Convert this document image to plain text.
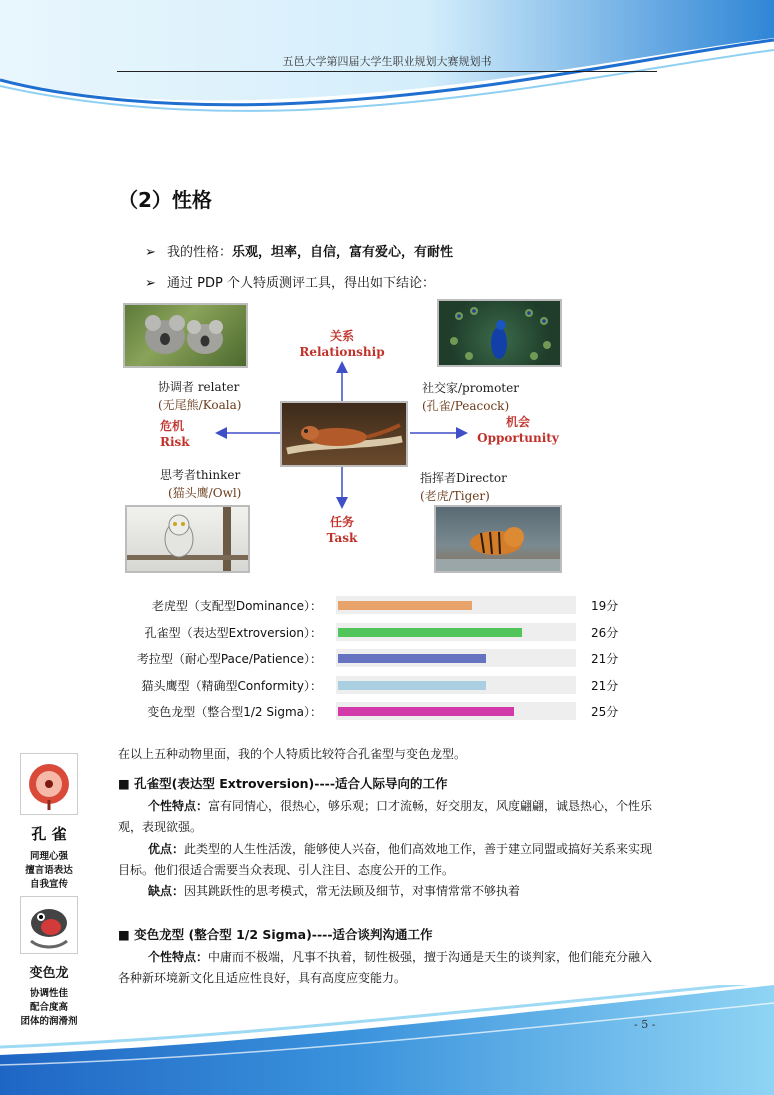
五邑大学第四届大学生职业规划大赛规划书
（2）性格
➢ 我的性格：乐观，坦率，自信，富有爱心，有耐性
➢ 通过 PDP 个人特质测评工具，得出如下结论：
关系
Relationship
危机
Risk
机会
Opportunity
任务
Task
协调者 relater
(无尾熊/Koala)
社交家/promoter
(孔雀/Peacock)
思考者thinker
(猫头鹰/Owl)
指挥者Director
(老虎/Tiger)
老虎型（支配型Dominance）：	19分
孔雀型（表达型Extroversion）：	26分
考拉型（耐心型Pace/Patience）：	21分
猫头鹰型（精确型Conformity）：	21分
变色龙型（整合型1/2 Sigma）：	25分
在以上五种动物里面，我的个人特质比较符合孔雀型与变色龙型。
■ 孔雀型(表达型 Extroversion)----适合人际导向的工作
个性特点：富有同情心，很热心，够乐观；口才流畅，好交朋友，风度翩翩，诚恳热心，个性乐观，表现欲强。
优点：此类型的人生性活泼，能够使人兴奋，他们高效地工作，善于建立同盟或搞好关系来实现目标。他们很适合需要当众表现、引人注目、态度公开的工作。
缺点：因其跳跃性的思考模式，常无法顾及细节，对事情常常不够执着
■ 变色龙型 (整合型 1/2 Sigma)----适合谈判沟通工作
个性特点：中庸而不极端，凡事不执着，韧性极强，擅于沟通是天生的谈判家，他们能充分融入各种新环境新文化且适应性良好，具有高度应变能力。
孔 雀
同理心强
擅言语表达
自我宣传
变色龙
协调性佳
配合度高
团体的润滑剂	- 5 -
